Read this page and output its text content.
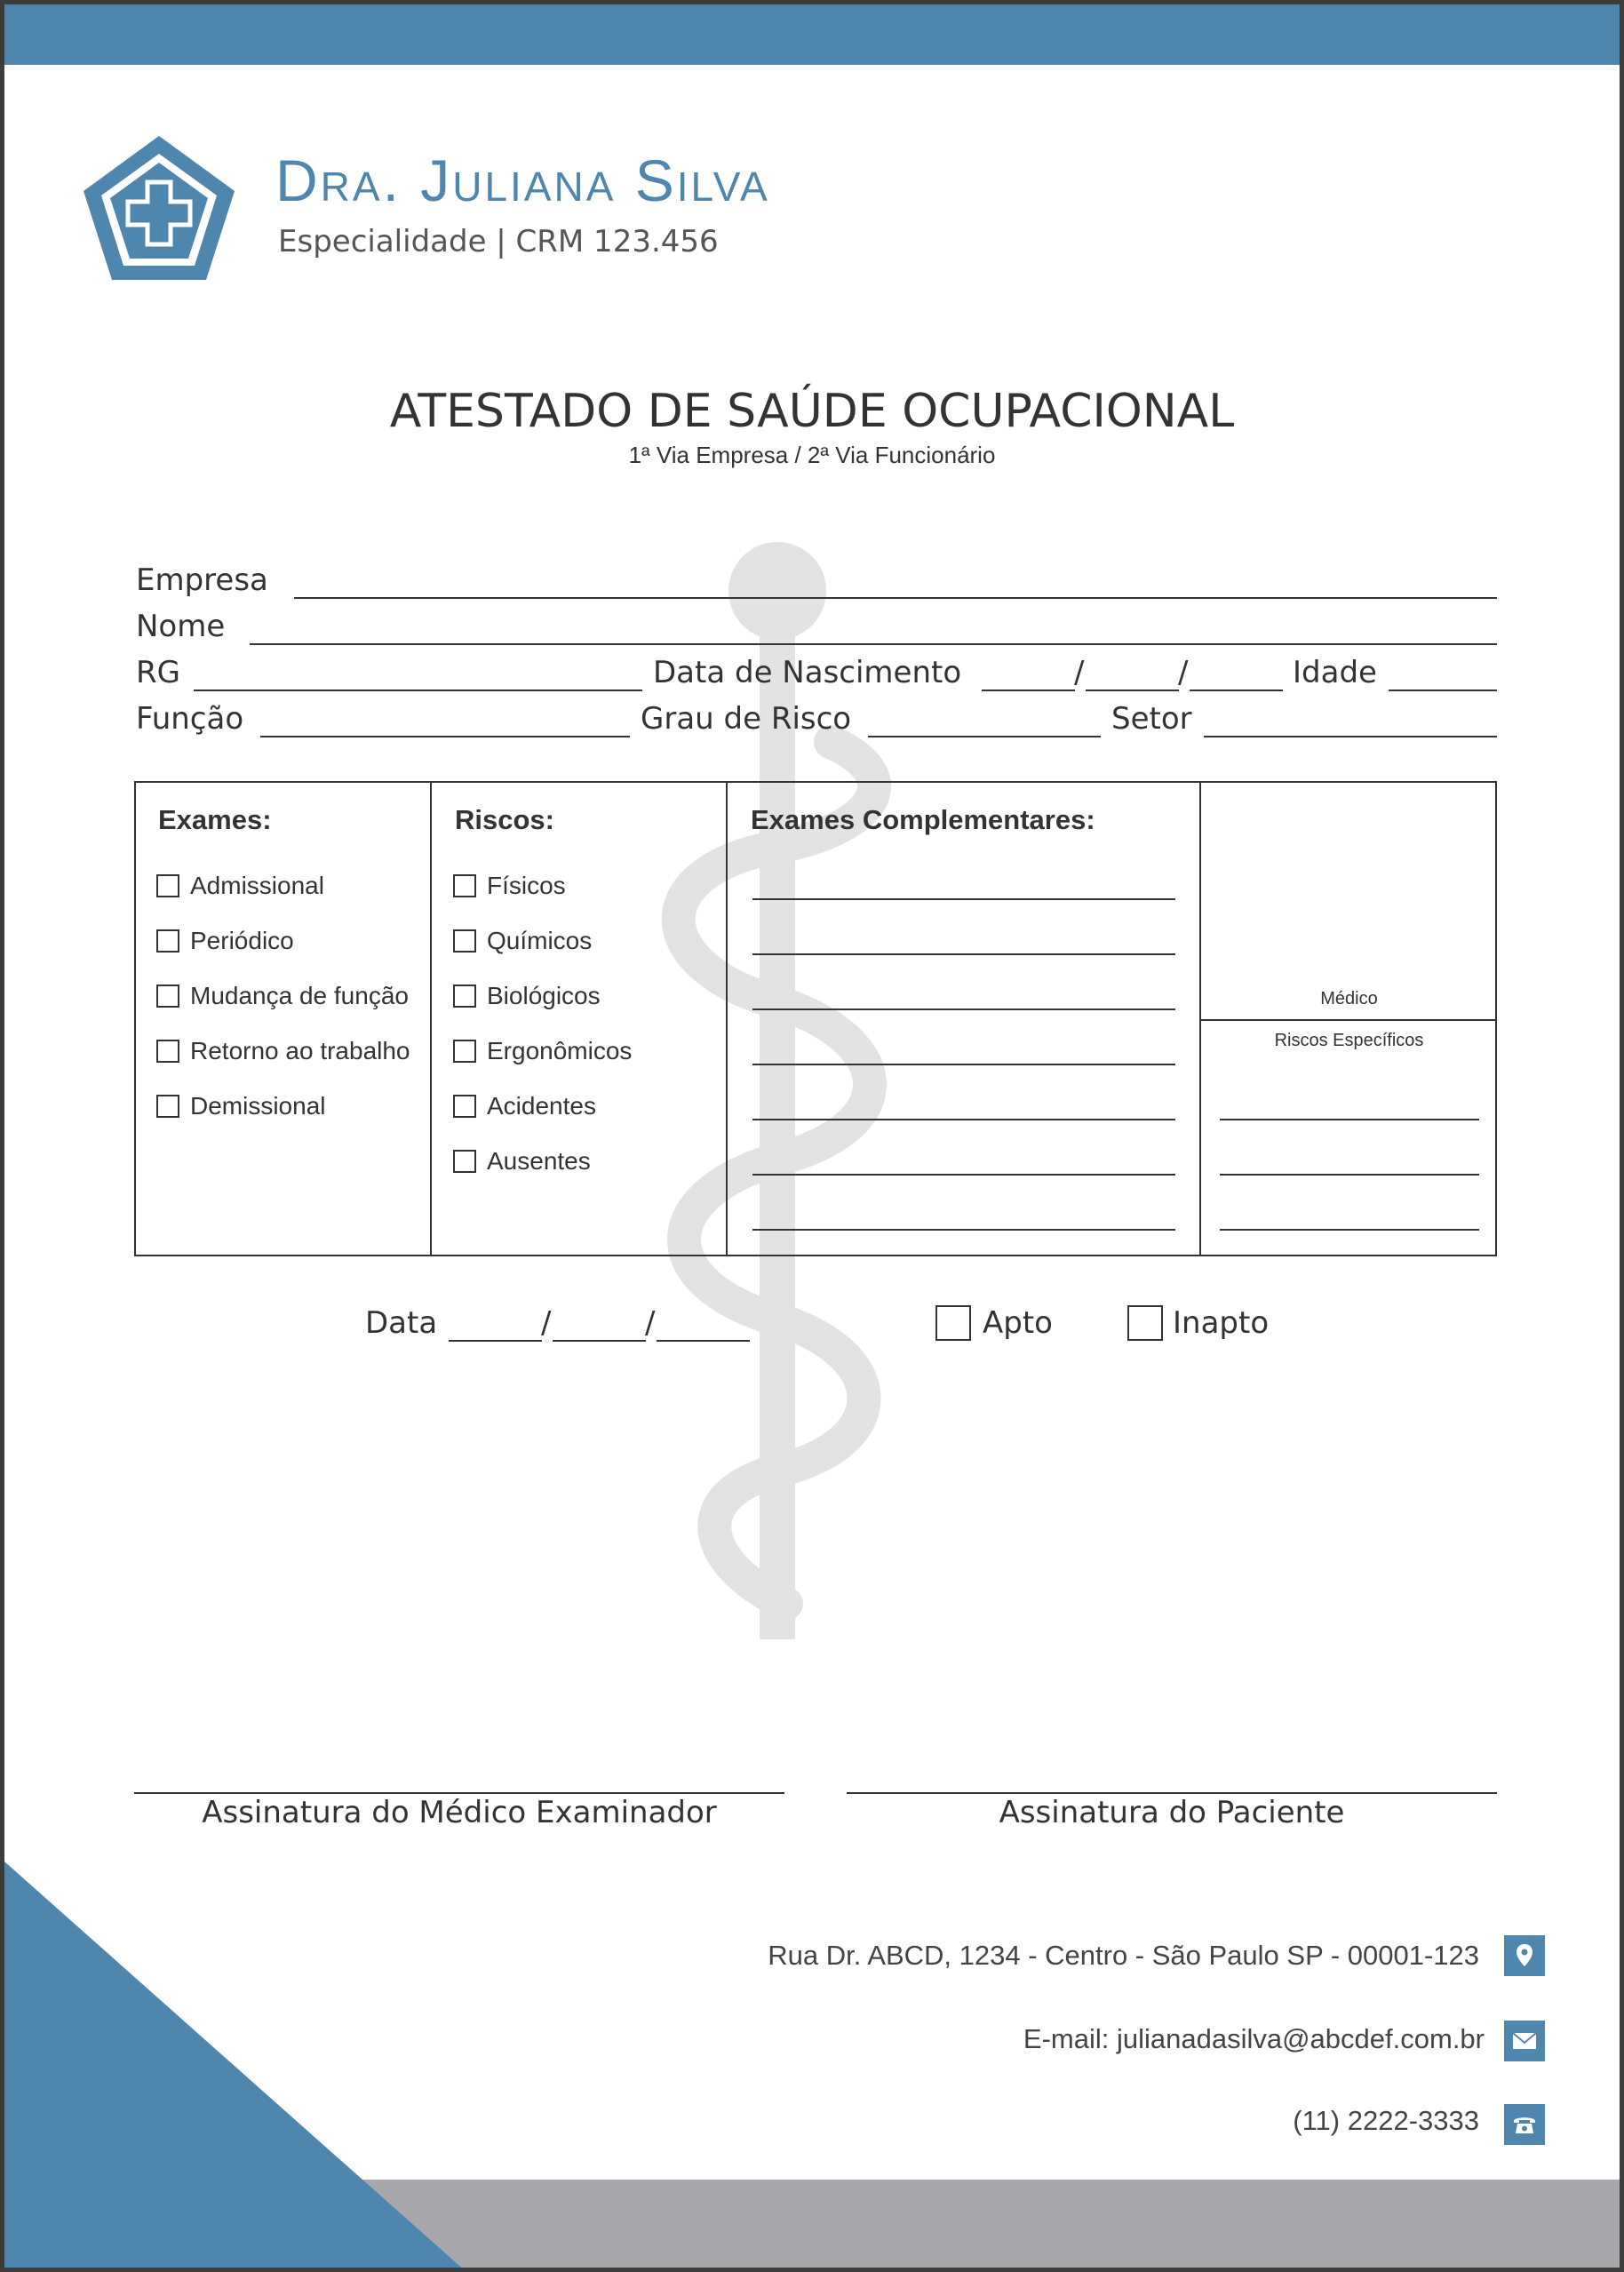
Dra. Juliana Silva
Especialidade | CRM 123.456
ATESTADO DE SAÚDE OCUPACIONAL
1ª Via Empresa / 2ª Via Funcionário
Empresa
Nome
RG	Data de Nascimento	/	/	Idade
Função	Grau de Risco	Setor
Exames:
Admissional
Periódico
Mudança de função
Retorno ao trabalho
Demissional
Riscos:
Físicos
Químicos
Biológicos
Ergonômicos
Acidentes
Ausentes
Exames Complementares:
Médico
Riscos Específicos
Data	/	/	Apto	Inapto
Assinatura do Médico Examinador	Assinatura do Paciente
Rua Dr. ABCD, 1234 - Centro - São Paulo SP - 00001-123
E-mail: julianadasilva@abcdef.com.br
(11) 2222-3333
